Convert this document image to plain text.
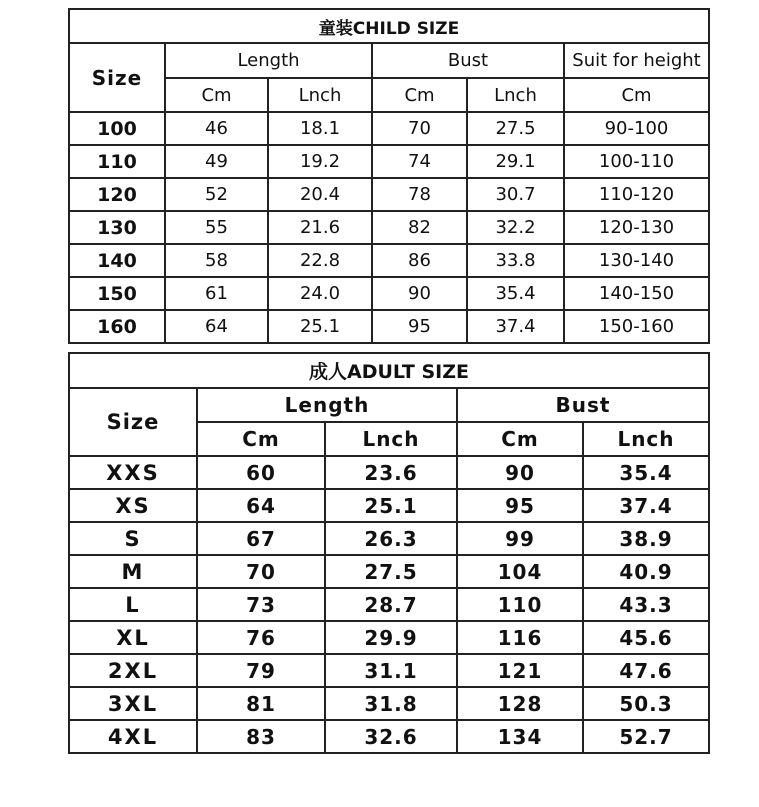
童装CHILD SIZE					
Size	Length		Bust		Suit for height
	Cm	Lnch	Cm	Lnch	Cm
100	46	18.1	70	27.5	90-100
110	49	19.2	74	29.1	100-110
120	52	20.4	78	30.7	110-120
130	55	21.6	82	32.2	120-130
140	58	22.8	86	33.8	130-140
150	61	24.0	90	35.4	140-150
160	64	25.1	95	37.4	150-160
成人ADULT SIZE				
Size	Length		Bust	
	Cm	Lnch	Cm	Lnch
XXS	60	23.6	90	35.4
XS	64	25.1	95	37.4
S	67	26.3	99	38.9
M	70	27.5	104	40.9
L	73	28.7	110	43.3
XL	76	29.9	116	45.6
2XL	79	31.1	121	47.6
3XL	81	31.8	128	50.3
4XL	83	32.6	134	52.7
